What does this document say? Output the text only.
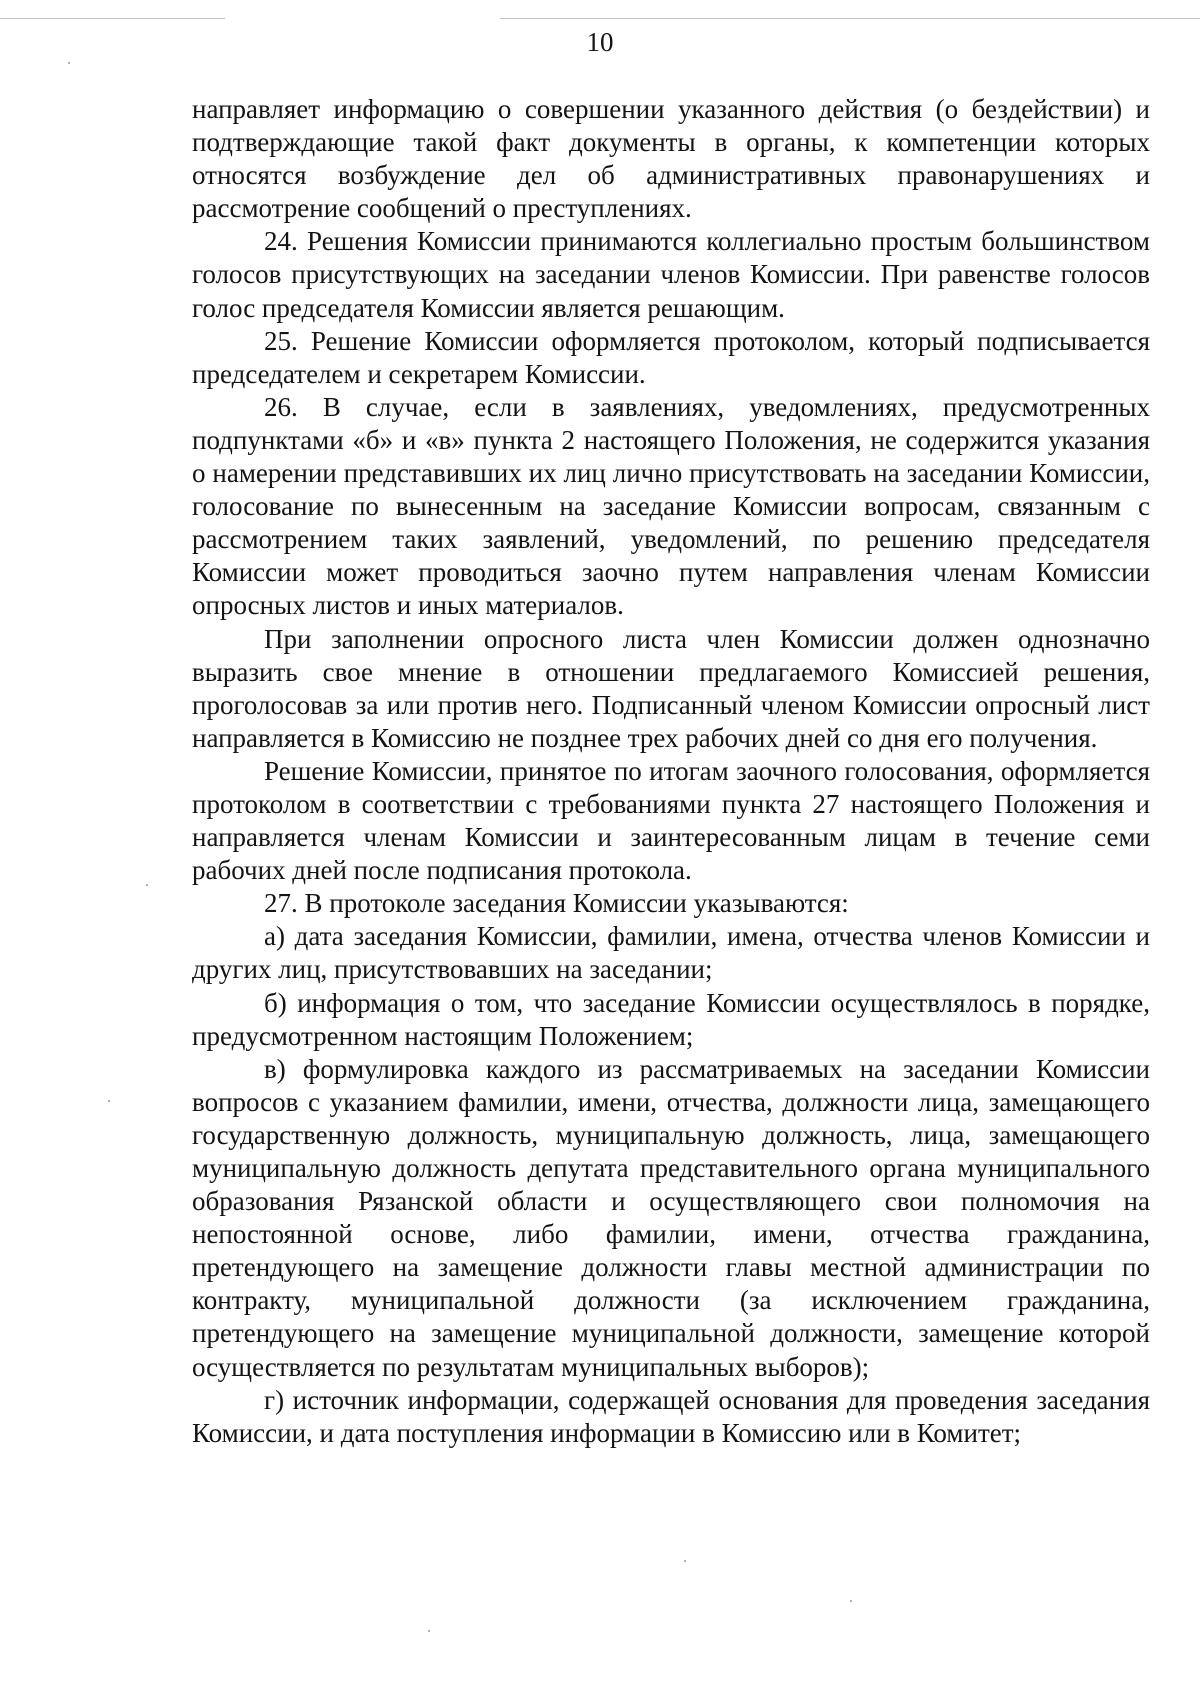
10

направляет информацию о совершении указанного действия (о бездействии) и подтверждающие такой факт документы в органы, к компетенции которых относятся возбуждение дел об административных правонарушениях и рассмотрение сообщений о преступлениях.

24. Решения Комиссии принимаются коллегиально простым большинством голосов присутствующих на заседании членов Комиссии. При равенстве голосов голос председателя Комиссии является решающим.

25. Решение Комиссии оформляется протоколом, который подписывается председателем и секретарем Комиссии.

26. В случае, если в заявлениях, уведомлениях, предусмотренных подпунктами «б» и «в» пункта 2 настоящего Положения, не содержится указания о намерении представивших их лиц лично присутствовать на заседании Комиссии, голосование по вынесенным на заседание Комиссии вопросам, связанным с рассмотрением таких заявлений, уведомлений, по решению председателя Комиссии может проводиться заочно путем направления членам Комиссии опросных листов и иных материалов.

При заполнении опросного листа член Комиссии должен однозначно выразить свое мнение в отношении предлагаемого Комиссией решения, проголосовав за или против него. Подписанный членом Комиссии опросный лист направляется в Комиссию не позднее трех рабочих дней со дня его получения.

Решение Комиссии, принятое по итогам заочного голосования, оформляется протоколом в соответствии с требованиями пункта 27 настоящего Положения и направляется членам Комиссии и заинтересованным лицам в течение семи рабочих дней после подписания протокола.

27. В протоколе заседания Комиссии указываются:

а) дата заседания Комиссии, фамилии, имена, отчества членов Комиссии и других лиц, присутствовавших на заседании;

б) информация о том, что заседание Комиссии осуществлялось в порядке, предусмотренном настоящим Положением;

в) формулировка каждого из рассматриваемых на заседании Комиссии вопросов с указанием фамилии, имени, отчества, должности лица, замещающего государственную должность, муниципальную должность, лица, замещающего муниципальную должность депутата представительного органа муниципального образования Рязанской области и осуществляющего свои полномочия на непостоянной основе, либо фамилии, имени, отчества гражданина, претендующего на замещение должности главы местной администрации по контракту, муниципальной должности (за исключением гражданина, претендующего на замещение муниципальной должности, замещение которой осуществляется по результатам муниципальных выборов);

г) источник информации, содержащей основания для проведения заседания Комиссии, и дата поступления информации в Комиссию или в Комитет;
